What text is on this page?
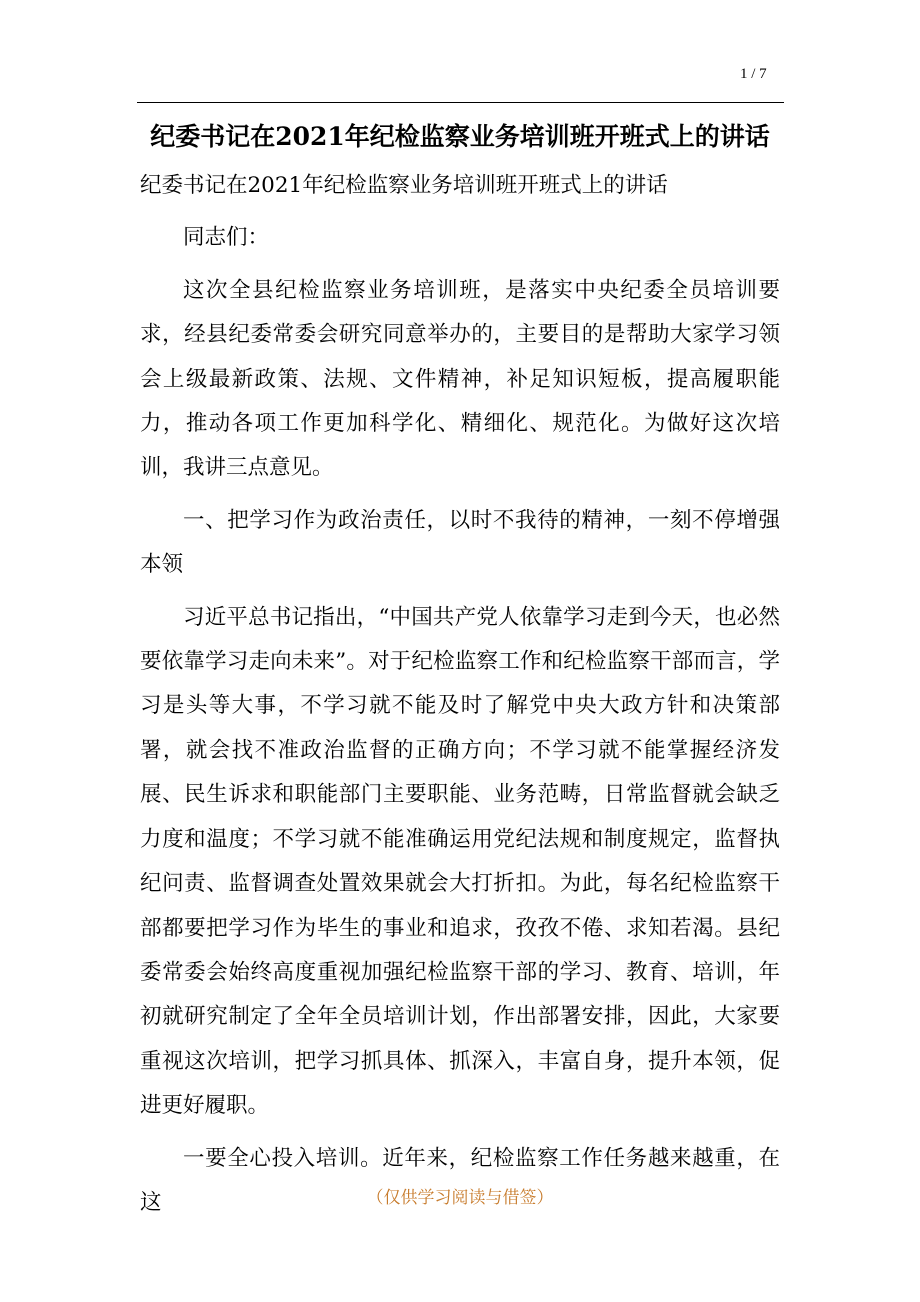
1 / 7
纪委书记在2021年纪检监察业务培训班开班式上的讲话

纪委书记在2021年纪检监察业务培训班开班式上的讲话

同志们：

这次全县纪检监察业务培训班，是落实中央纪委全员培训要求，经县纪委常委会研究同意举办的，主要目的是帮助大家学习领会上级最新政策、法规、文件精神，补足知识短板，提高履职能力，推动各项工作更加科学化、精细化、规范化。为做好这次培训，我讲三点意见。

一、把学习作为政治责任，以时不我待的精神，一刻不停增强本领

习近平总书记指出，“中国共产党人依靠学习走到今天，也必然要依靠学习走向未来”。对于纪检监察工作和纪检监察干部而言，学习是头等大事，不学习就不能及时了解党中央大政方针和决策部署，就会找不准政治监督的正确方向；不学习就不能掌握经济发展、民生诉求和职能部门主要职能、业务范畴，日常监督就会缺乏力度和温度；不学习就不能准确运用党纪法规和制度规定，监督执纪问责、监督调查处置效果就会大打折扣。为此，每名纪检监察干部都要把学习作为毕生的事业和追求，孜孜不倦、求知若渴。县纪委常委会始终高度重视加强纪检监察干部的学习、教育、培训，年初就研究制定了全年全员培训计划，作出部署安排，因此，大家要重视这次培训，把学习抓具体、抓深入，丰富自身，提升本领，促进更好履职。

一要全心投入培训。近年来，纪检监察工作任务越来越重，在这	（仅供学习阅读与借签）
